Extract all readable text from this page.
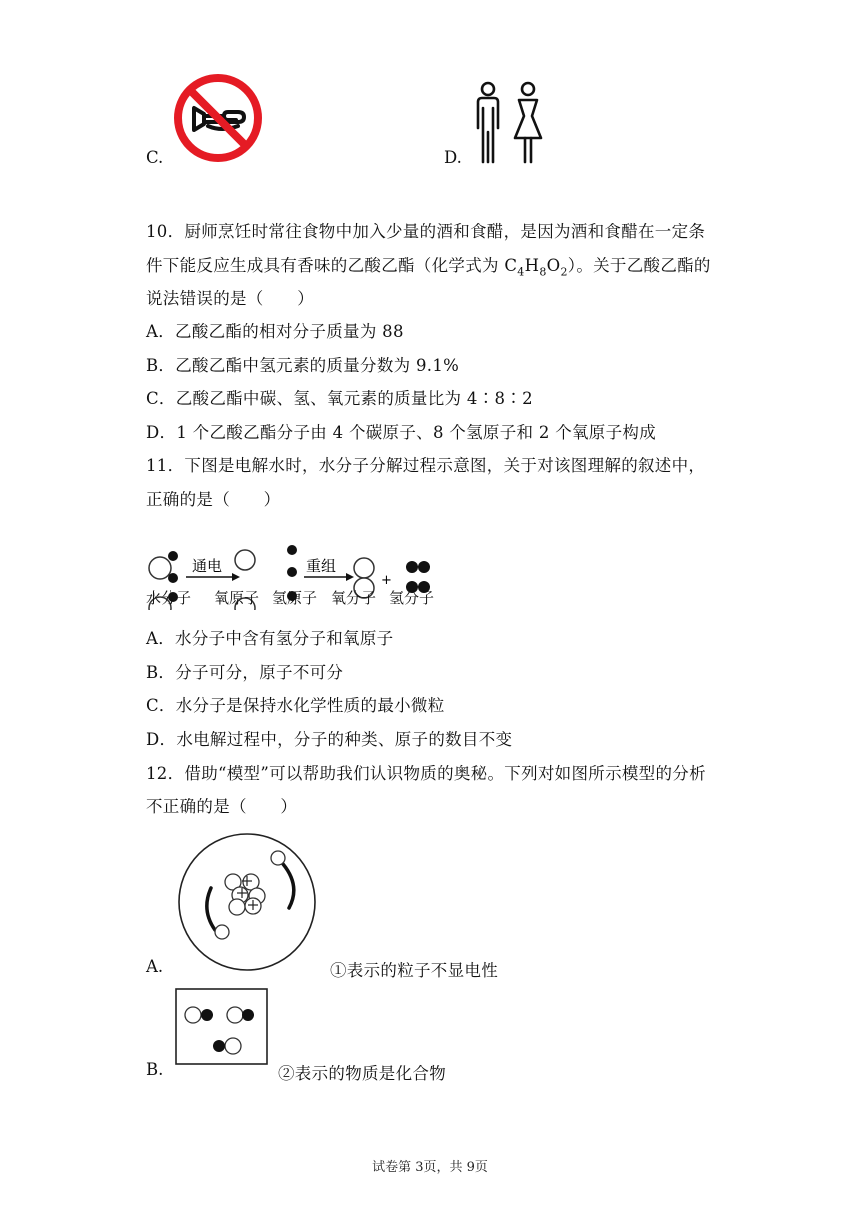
C.	D.
10．厨师烹饪时常往食物中加入少量的酒和食醋，是因为酒和食醋在一定条
件下能反应生成具有香味的乙酸乙酯（化学式为 $C_4H_8O_2$）。关于乙酸乙酯的
说法错误的是（　　）
A．乙酸乙酯的相对分子质量为 88
B．乙酸乙酯中氢元素的质量分数为 9.1%
C．乙酸乙酯中碳、氢、氧元素的质量比为 4∶8∶2
D．1 个乙酸乙酯分子由 4 个碳原子、8 个氢原子和 2 个氧原子构成
11．下图是电解水时，水分子分解过程示意图，关于对该图理解的叙述中，
正确的是（　　）
通电	重组
+
水分子 氧原子 氢原子 氧分子 氢分子
A．水分子中含有氢分子和氧原子
B．分子可分，原子不可分
C．水分子是保持水化学性质的最小微粒
D．水电解过程中，分子的种类、原子的数目不变
12．借助“模型”可以帮助我们认识物质的奥秘。下列对如图所示模型的分析
不正确的是（　　）
A.	①表示的粒子不显电性
B.	②表示的物质是化合物
试卷第 3页，共 9页
